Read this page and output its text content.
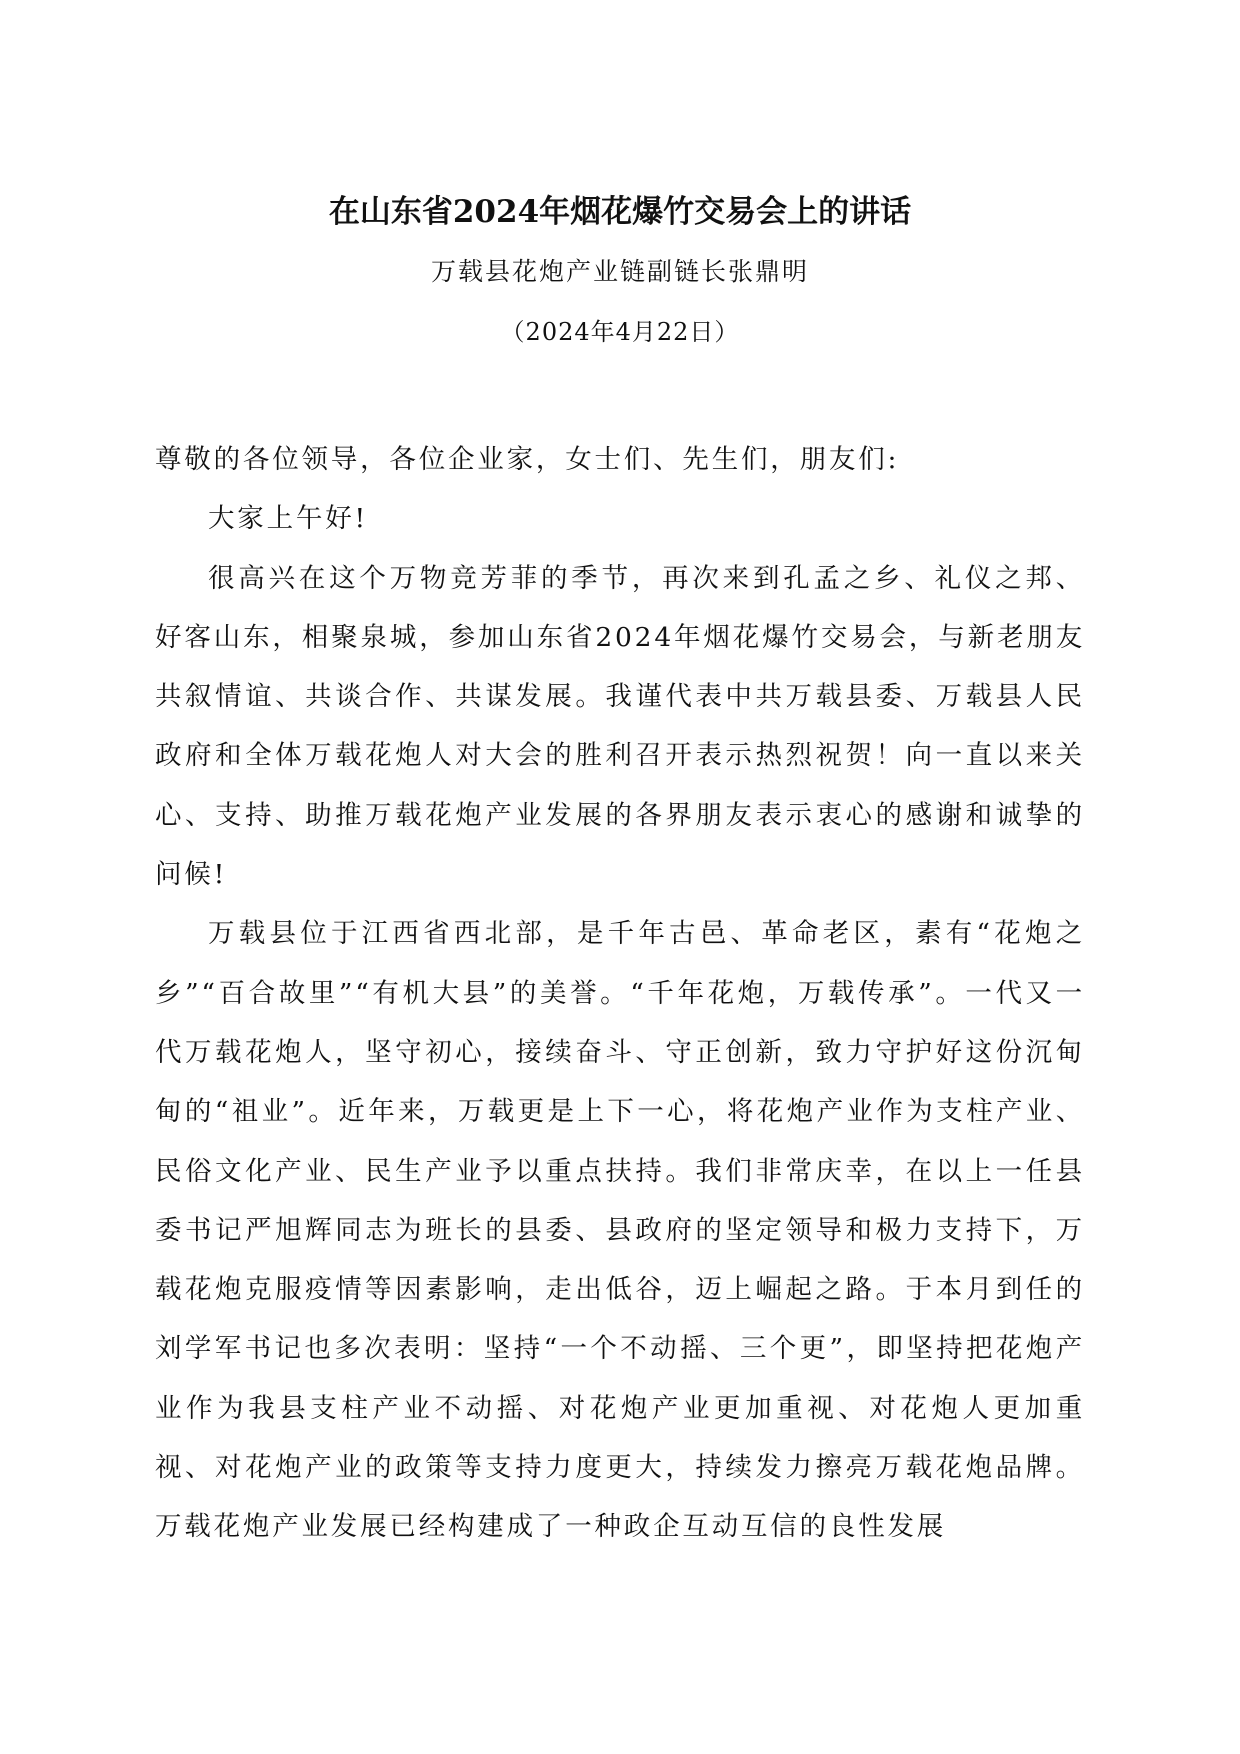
在山东省2024年烟花爆竹交易会上的讲话
万载县花炮产业链副链长张鼎明
（2024年4月22日）

尊敬的各位领导，各位企业家，女士们、先生们，朋友们:

大家上午好!

很高兴在这个万物竞芳菲的季节，再次来到孔孟之乡、礼仪之邦、好客山东，相聚泉城，参加山东省2024年烟花爆竹交易会，与新老朋友共叙情谊、共谈合作、共谋发展。我谨代表中共万载县委、万载县人民政府和全体万载花炮人对大会的胜利召开表示热烈祝贺！向一直以来关心、支持、助推万载花炮产业发展的各界朋友表示衷心的感谢和诚挚的问候!

万载县位于江西省西北部，是千年古邑、革命老区，素有“花炮之乡”“百合故里”“有机大县”的美誉。“千年花炮，万载传承”。一代又一代万载花炮人，坚守初心，接续奋斗、守正创新，致力守护好这份沉甸甸的“祖业”。近年来，万载更是上下一心，将花炮产业作为支柱产业、民俗文化产业、民生产业予以重点扶持。我们非常庆幸，在以上一任县委书记严旭辉同志为班长的县委、县政府的坚定领导和极力支持下，万载花炮克服疫情等因素影响，走出低谷，迈上崛起之路。于本月到任的刘学军书记也多次表明：坚持“一个不动摇、三个更”，即坚持把花炮产业作为我县支柱产业不动摇、对花炮产业更加重视、对花炮人更加重视、对花炮产业的政策等支持力度更大，持续发力擦亮万载花炮品牌。万载花炮产业发展已经构建成了一种政企互动互信的良性发展
